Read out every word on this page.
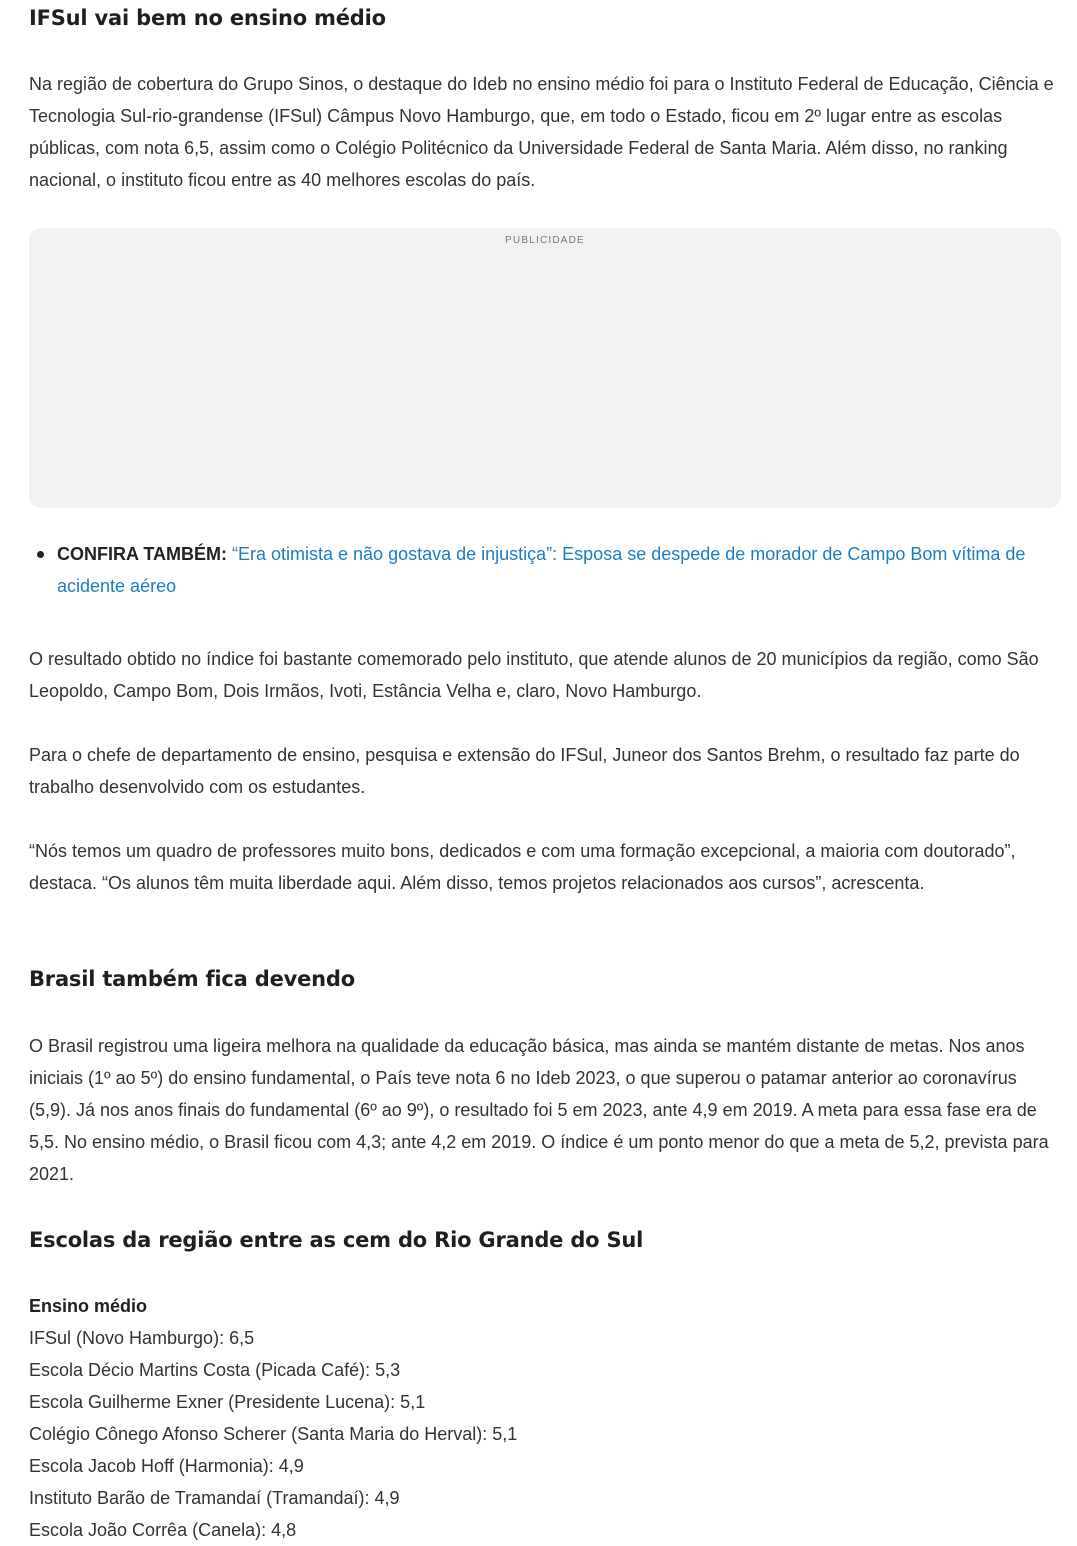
IFSul vai bem no ensino médio

Na região de cobertura do Grupo Sinos, o destaque do Ideb no ensino médio foi para o Instituto Federal de Educação, Ciência e Tecnologia Sul-rio-grandense (IFSul) Câmpus Novo Hamburgo, que, em todo o Estado, ficou em 2º lugar entre as escolas públicas, com nota 6,5, assim como o Colégio Politécnico da Universidade Federal de Santa Maria. Além disso, no ranking nacional, o instituto ficou entre as 40 melhores escolas do país.

PUBLICIDADE
CONFIRA TAMBÉM: “Era otimista e não gostava de injustiça”: Esposa se despede de morador de Campo Bom vítima de acidente aéreo

O resultado obtido no índice foi bastante comemorado pelo instituto, que atende alunos de 20 municípios da região, como São Leopoldo, Campo Bom, Dois Irmãos, Ivoti, Estância Velha e, claro, Novo Hamburgo.

Para o chefe de departamento de ensino, pesquisa e extensão do IFSul, Juneor dos Santos Brehm, o resultado faz parte do trabalho desenvolvido com os estudantes.

“Nós temos um quadro de professores muito bons, dedicados e com uma formação excepcional, a maioria com doutorado”, destaca. “Os alunos têm muita liberdade aqui. Além disso, temos projetos relacionados aos cursos”, acrescenta.

Brasil também fica devendo

O Brasil registrou uma ligeira melhora na qualidade da educação básica, mas ainda se mantém distante de metas. Nos anos iniciais (1º ao 5º) do ensino fundamental, o País teve nota 6 no Ideb 2023, o que superou o patamar anterior ao coronavírus (5,9). Já nos anos finais do fundamental (6º ao 9º), o resultado foi 5 em 2023, ante 4,9 em 2019. A meta para essa fase era de 5,5. No ensino médio, o Brasil ficou com 4,3; ante 4,2 em 2019. O índice é um ponto menor do que a meta de 5,2, prevista para 2021.

Escolas da região entre as cem do Rio Grande do Sul
Ensino médio
IFSul (Novo Hamburgo): 6,5
Escola Décio Martins Costa (Picada Café): 5,3
Escola Guilherme Exner (Presidente Lucena): 5,1
Colégio Cônego Afonso Scherer (Santa Maria do Herval): 5,1
Escola Jacob Hoff (Harmonia): 4,9
Instituto Barão de Tramandaí (Tramandaí): 4,9
Escola João Corrêa (Canela): 4,8
